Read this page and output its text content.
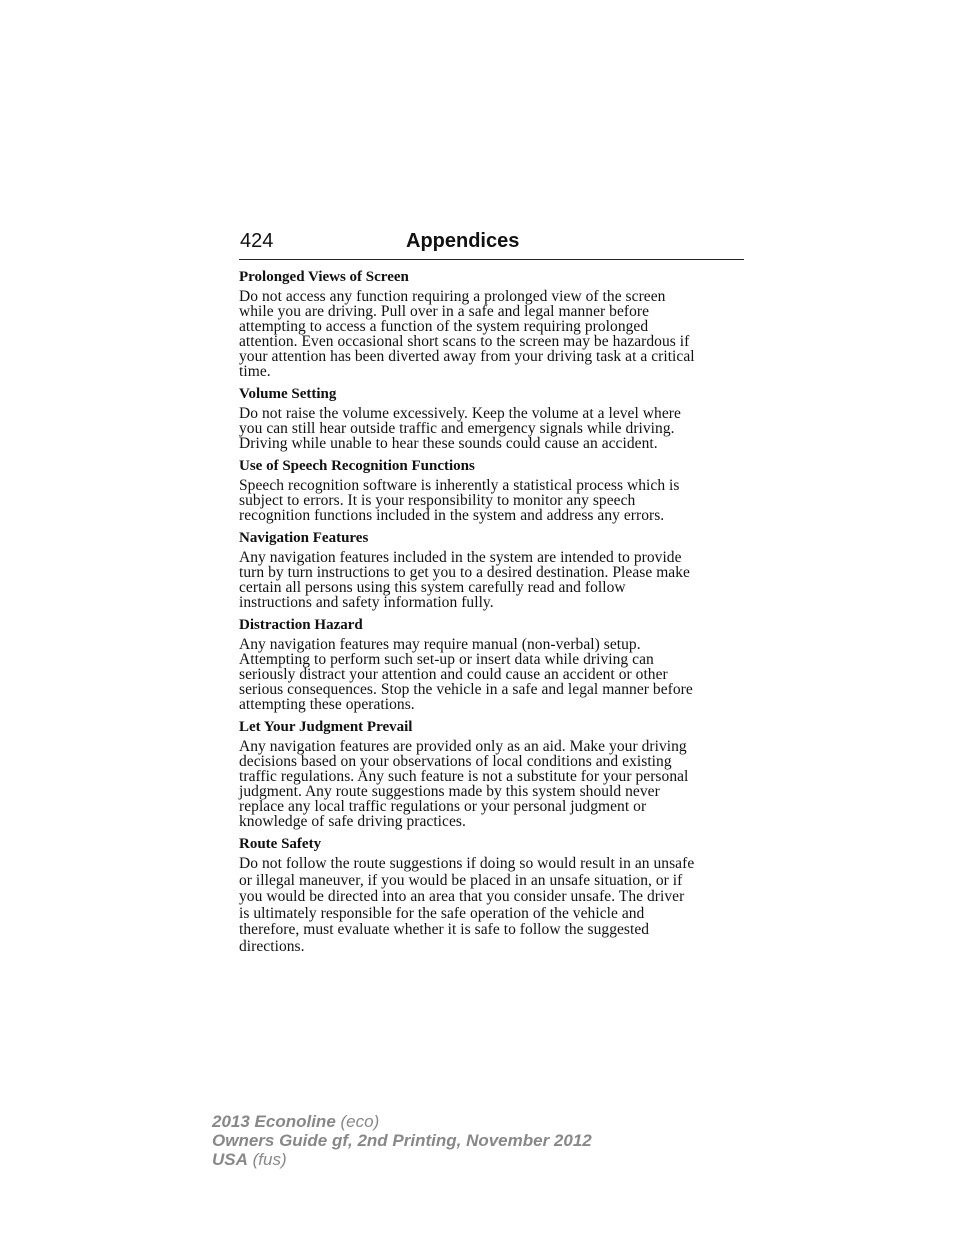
424	Appendices
Prolonged Views of Screen
Do not access any function requiring a prolonged view of the screen
while you are driving. Pull over in a safe and legal manner before
attempting to access a function of the system requiring prolonged
attention. Even occasional short scans to the screen may be hazardous if
your attention has been diverted away from your driving task at a critical
time.
Volume Setting
Do not raise the volume excessively. Keep the volume at a level where
you can still hear outside traffic and emergency signals while driving.
Driving while unable to hear these sounds could cause an accident.
Use of Speech Recognition Functions
Speech recognition software is inherently a statistical process which is
subject to errors. It is your responsibility to monitor any speech
recognition functions included in the system and address any errors.
Navigation Features
Any navigation features included in the system are intended to provide
turn by turn instructions to get you to a desired destination. Please make
certain all persons using this system carefully read and follow
instructions and safety information fully.
Distraction Hazard
Any navigation features may require manual (non-verbal) setup.
Attempting to perform such set-up or insert data while driving can
seriously distract your attention and could cause an accident or other
serious consequences. Stop the vehicle in a safe and legal manner before
attempting these operations.
Let Your Judgment Prevail
Any navigation features are provided only as an aid. Make your driving
decisions based on your observations of local conditions and existing
traffic regulations. Any such feature is not a substitute for your personal
judgment. Any route suggestions made by this system should never
replace any local traffic regulations or your personal judgment or
knowledge of safe driving practices.
Route Safety
Do not follow the route suggestions if doing so would result in an unsafe
or illegal maneuver, if you would be placed in an unsafe situation, or if
you would be directed into an area that you consider unsafe. The driver
is ultimately responsible for the safe operation of the vehicle and
therefore, must evaluate whether it is safe to follow the suggested
directions.
2013 Econoline (eco)
Owners Guide gf, 2nd Printing, November 2012
USA (fus)
